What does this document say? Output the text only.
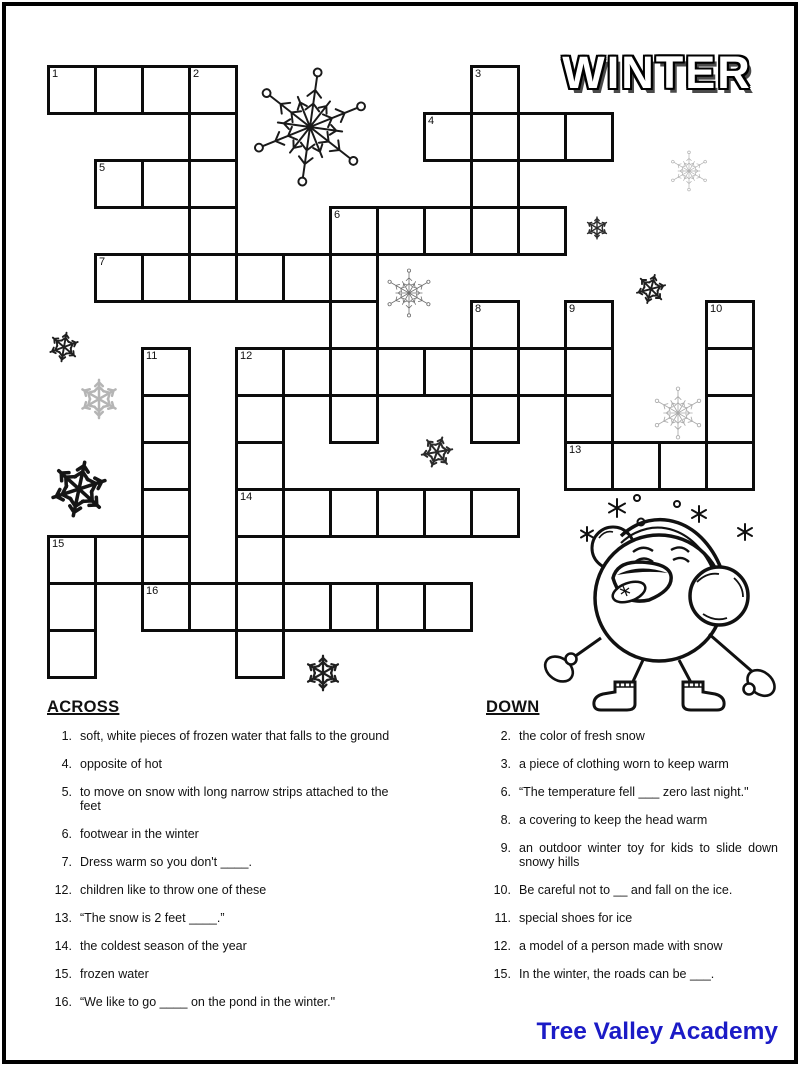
WINTER
1	2	3
4
5
6
7
8	9	10
11	12
13
14
15
16
ACROSS
1. soft, white pieces of frozen water that falls to the ground
4. opposite of hot
5. to move on snow with long narrow strips attached to the feet
6. footwear in the winter
7. Dress warm so you don't ____.
12. children like to throw one of these
13. “The snow is 2 feet ____.”
14. the coldest season of the year
15. frozen water
16. “We like to go ____ on the pond in the winter."
DOWN
2. the color of fresh snow
3. a piece of clothing worn to keep warm
6. “The temperature fell ___ zero last night."
8. a covering to keep the head warm
9. an outdoor winter toy for kids to slide down snowy hills
10. Be careful not to __ and fall on the ice.
11. special shoes for ice
12. a model of a person made with snow
15. In the winter, the roads can be ___.
Tree Valley Academy
